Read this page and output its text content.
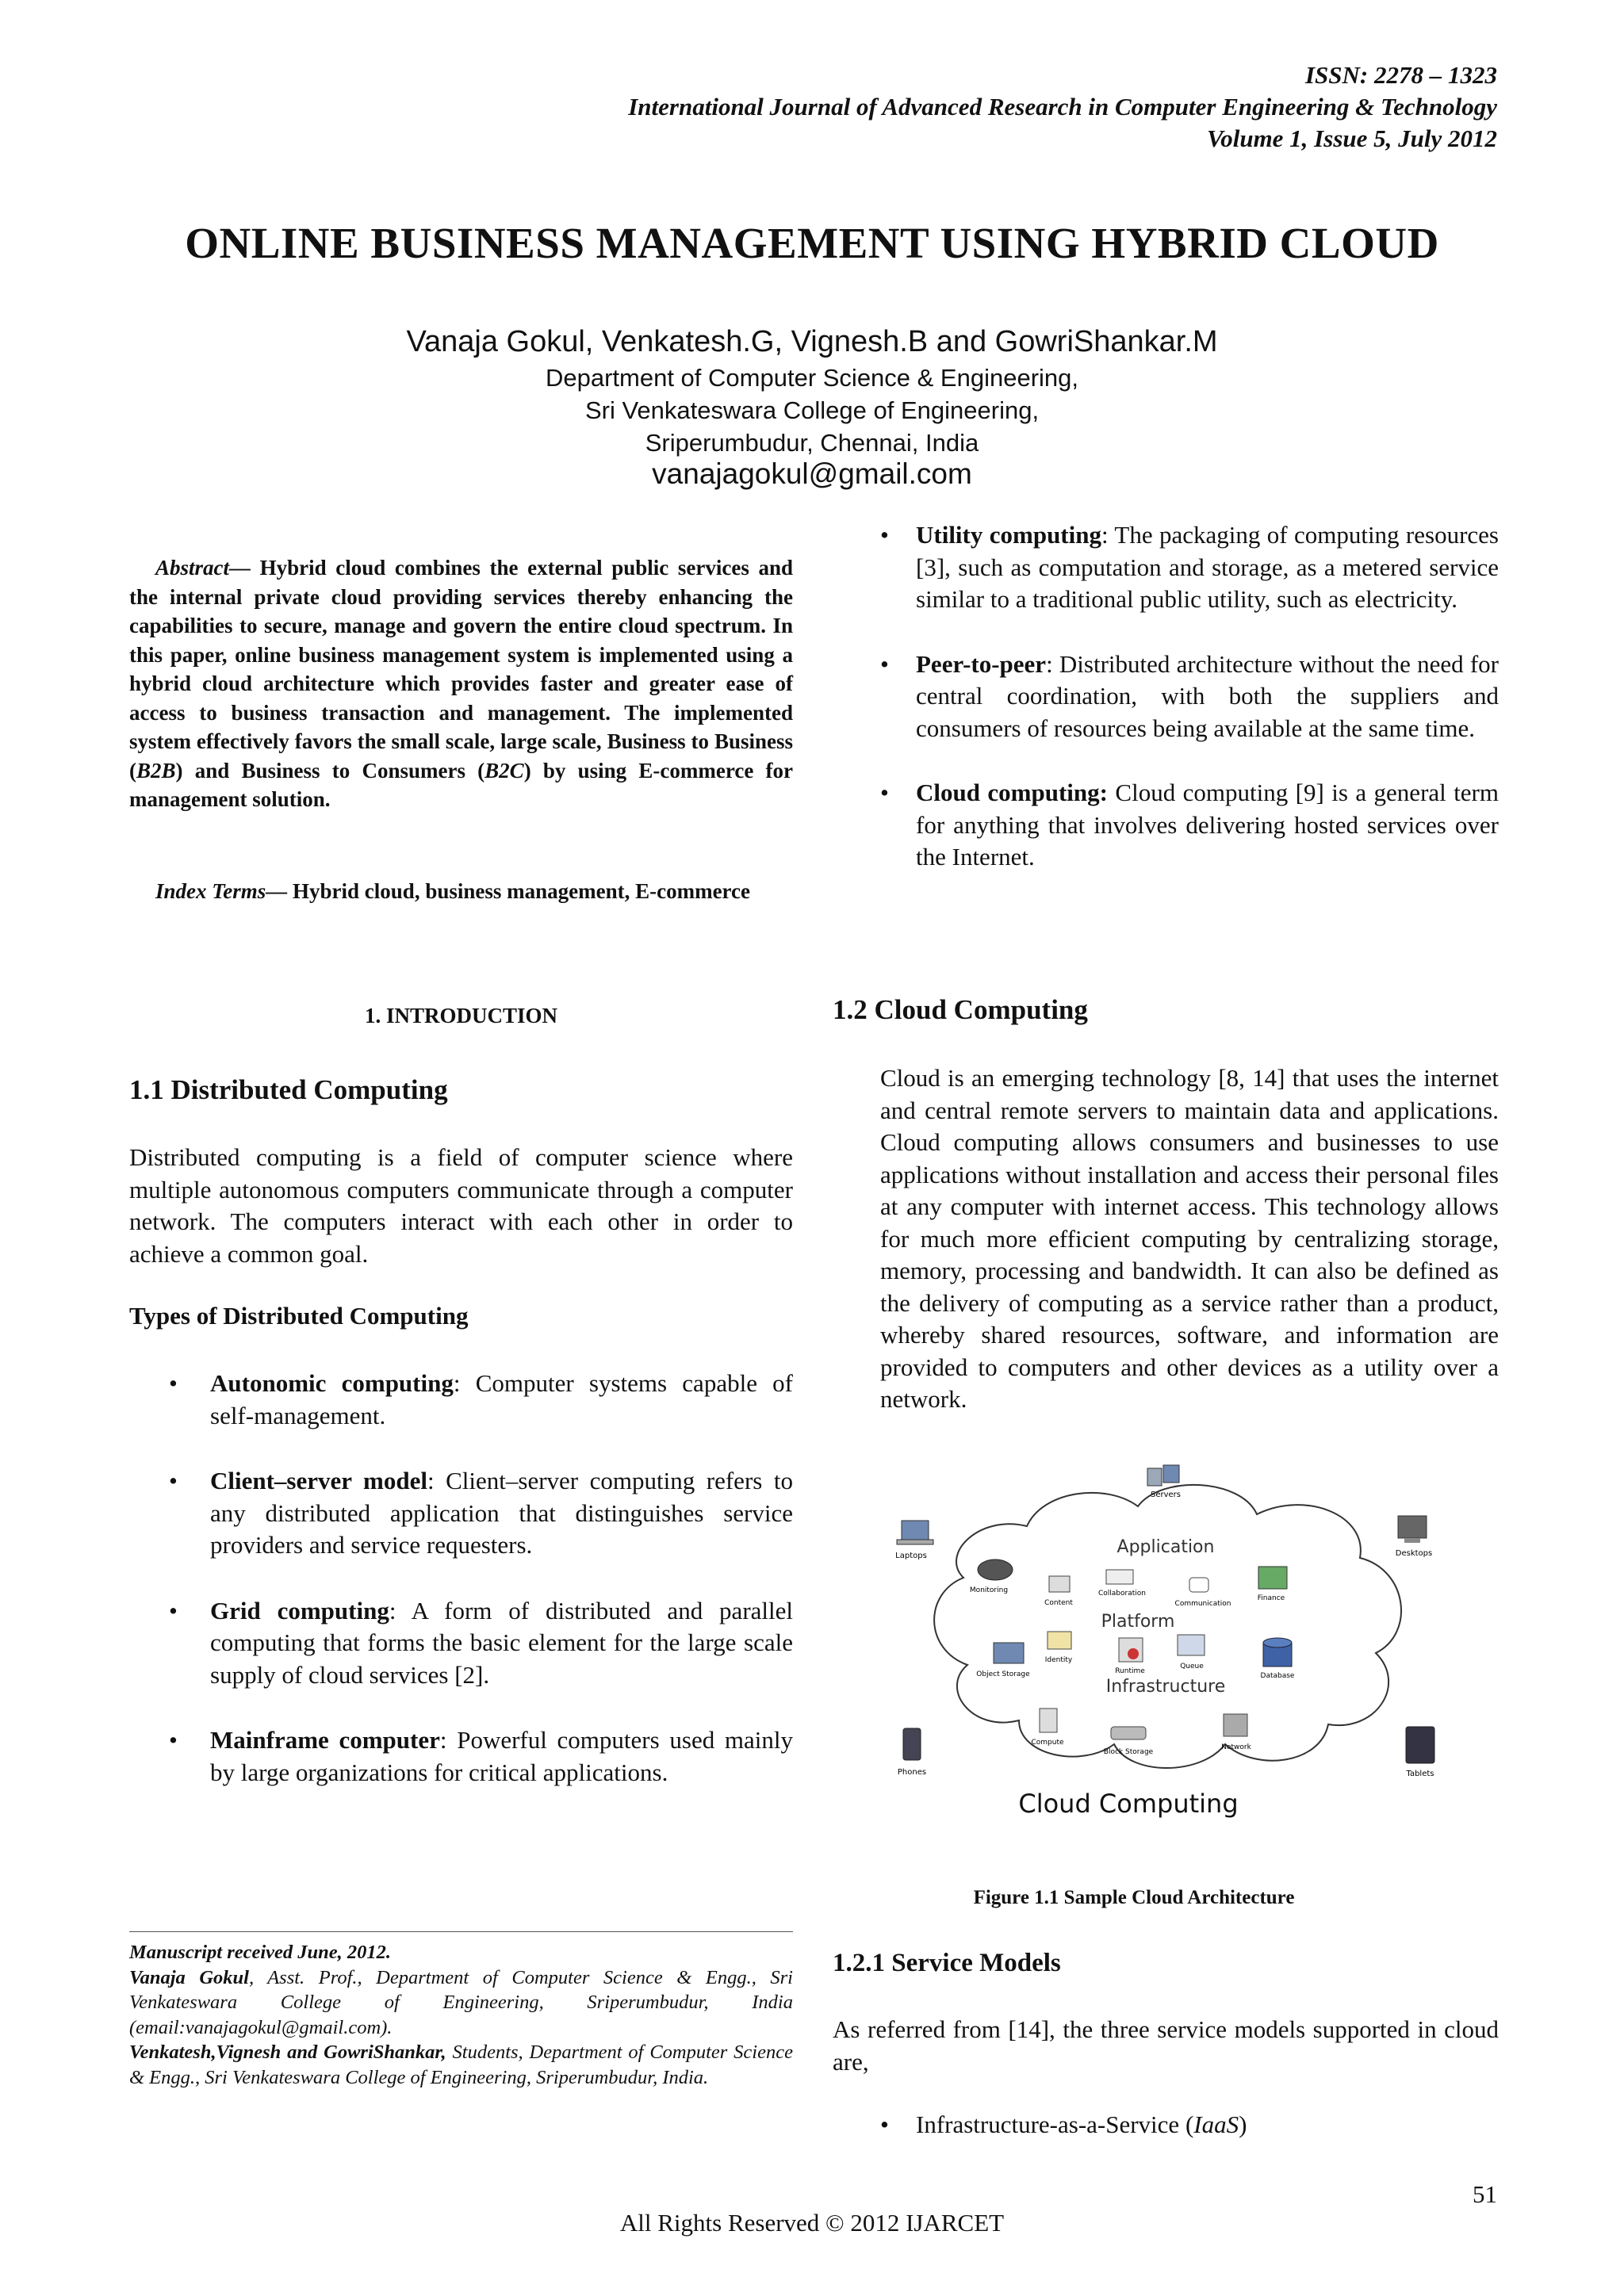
ISSN: 2278 – 1323
International Journal of Advanced Research in Computer Engineering & Technology
Volume 1, Issue 5, July 2012
ONLINE BUSINESS MANAGEMENT USING HYBRID CLOUD
Vanaja Gokul, Venkatesh.G, Vignesh.B and GowriShankar.M
Department of Computer Science & Engineering,
Sri Venkateswara College of Engineering,
Sriperumbudur, Chennai, India
vanajagokul@gmail.com

Abstract— Hybrid cloud combines the external public services and the internal private cloud providing services thereby enhancing the capabilities to secure, manage and govern the entire cloud spectrum. In this paper, online business management system is implemented using a hybrid cloud architecture which provides faster and greater ease of access to business transaction and management. The implemented system effectively favors the small scale, large scale, Business to Business (B2B) and Business to Consumers (B2C) by using E-commerce for management solution.

Index Terms— Hybrid cloud, business management, E-commerce

1. INTRODUCTION
1.1 Distributed Computing

Distributed computing is a field of computer science where multiple autonomous computers communicate through a computer network. The computers interact with each other in order to achieve a common goal.

Types of Distributed Computing
•	Autonomic computing: Computer systems capable of self-management.
•	Client–server model: Client–server computing refers to any distributed application that distinguishes service providers and service requesters.
•	Grid computing: A form of distributed and parallel computing that forms the basic element for the large scale supply of cloud services [2].
•	Mainframe computer: Powerful computers used mainly by large organizations for critical applications.
Manuscript received June, 2012.
Vanaja Gokul, Asst. Prof., Department of Computer Science & Engg., Sri Venkateswara College of Engineering, Sriperumbudur, India (email:vanajagokul@gmail.com).
Venkatesh,Vignesh and GowriShankar, Students, Department of Computer Science & Engg., Sri Venkateswara College of Engineering, Sriperumbudur, India.
•	Utility computing: The packaging of computing resources [3], such as computation and storage, as a metered service similar to a traditional public utility, such as electricity.
•	Peer-to-peer: Distributed architecture without the need for central coordination, with both the suppliers and consumers of resources being available at the same time.
•	Cloud computing: Cloud computing [9] is a general term for anything that involves delivering hosted services over the Internet.
1.2 Cloud Computing

Cloud is an emerging technology [8, 14] that uses the internet and central remote servers to maintain data and applications. Cloud computing allows consumers and businesses to use applications without installation and access their personal files at any computer with internet access. This technology allows for much more efficient computing by centralizing storage, memory, processing and bandwidth. It can also be defined as the delivery of computing as a service rather than a product, whereby shared resources, software, and information are provided to computers and other devices as a utility over a network.

Application
Platform
Infrastructure
Servers
Laptops	Desktops
Phones	Tablets
Monitoring
Content
Collaboration
Communication
Finance
Identity
Object Storage	Runtime
Queue
Database
Compute
Block Storage
Network
Cloud Computing
Figure 1.1 Sample Cloud Architecture
1.2.1 Service Models

As referred from [14], the three service models supported in cloud are,

•	Infrastructure-as-a-Service (IaaS)
51
All Rights Reserved © 2012 IJARCET
